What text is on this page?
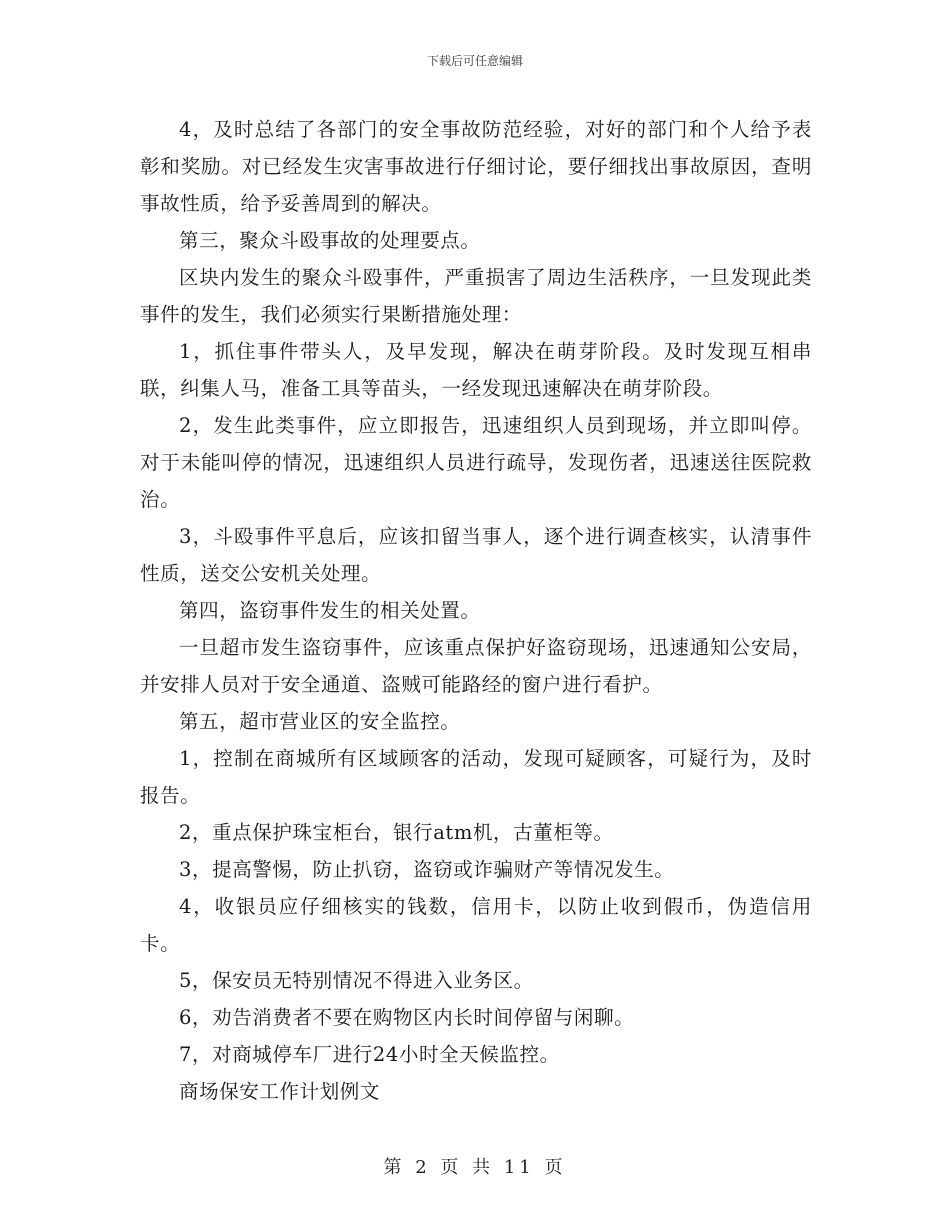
下载后可任意编辑

4，及时总结了各部门的安全事故防范经验，对好的部门和个人给予表彰和奖励。对已经发生灾害事故进行仔细讨论，要仔细找出事故原因，查明事故性质，给予妥善周到的解决。

第三，聚众斗殴事故的处理要点。

区块内发生的聚众斗殴事件，严重损害了周边生活秩序，一旦发现此类事件的发生，我们必须实行果断措施处理：

1，抓住事件带头人，及早发现，解决在萌芽阶段。及时发现互相串联，纠集人马，准备工具等苗头，一经发现迅速解决在萌芽阶段。

2，发生此类事件，应立即报告，迅速组织人员到现场，并立即叫停。对于未能叫停的情况，迅速组织人员进行疏导，发现伤者，迅速送往医院救治。

3，斗殴事件平息后，应该扣留当事人，逐个进行调查核实，认清事件性质，送交公安机关处理。

第四，盗窃事件发生的相关处置。

一旦超市发生盗窃事件，应该重点保护好盗窃现场，迅速通知公安局，并安排人员对于安全通道、盗贼可能路经的窗户进行看护。

第五，超市营业区的安全监控。

1，控制在商城所有区域顾客的活动，发现可疑顾客，可疑行为，及时报告。

2，重点保护珠宝柜台，银行atm机，古董柜等。

3，提高警惕，防止扒窃，盗窃或诈骗财产等情况发生。

4，收银员应仔细核实的钱数，信用卡，以防止收到假币，伪造信用卡。

5，保安员无特别情况不得进入业务区。

6，劝告消费者不要在购物区内长时间停留与闲聊。

7，对商城停车厂进行24小时全天候监控。

商场保安工作计划例文

第 2 页 共 11 页
